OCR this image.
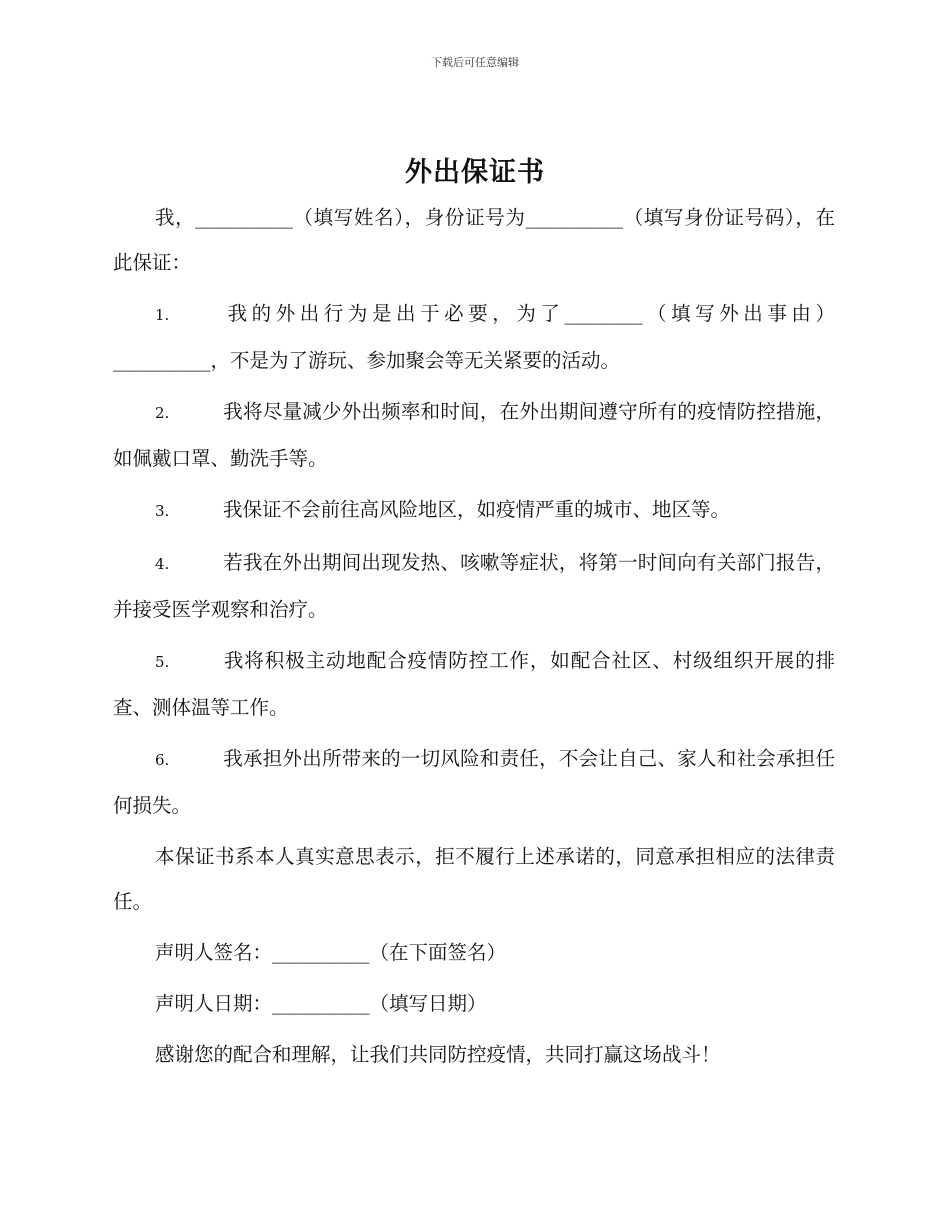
下载后可任意编辑
外出保证书

我，__________（填写姓名），身份证号为__________（填写身份证号码），在此保证：

1.	我的外出行为是出于必要，为了________（填写外出事由）__________，不是为了游玩、参加聚会等无关紧要的活动。

2.	我将尽量减少外出频率和时间，在外出期间遵守所有的疫情防控措施，如佩戴口罩、勤洗手等。

3.	我保证不会前往高风险地区，如疫情严重的城市、地区等。

4.	若我在外出期间出现发热、咳嗽等症状，将第一时间向有关部门报告，并接受医学观察和治疗。

5.	我将积极主动地配合疫情防控工作，如配合社区、村级组织开展的排查、测体温等工作。

6.	我承担外出所带来的一切风险和责任，不会让自己、家人和社会承担任何损失。

本保证书系本人真实意思表示，拒不履行上述承诺的，同意承担相应的法律责任。

声明人签名：__________（在下面签名）

声明人日期：__________（填写日期）

感谢您的配合和理解，让我们共同防控疫情，共同打赢这场战斗！
